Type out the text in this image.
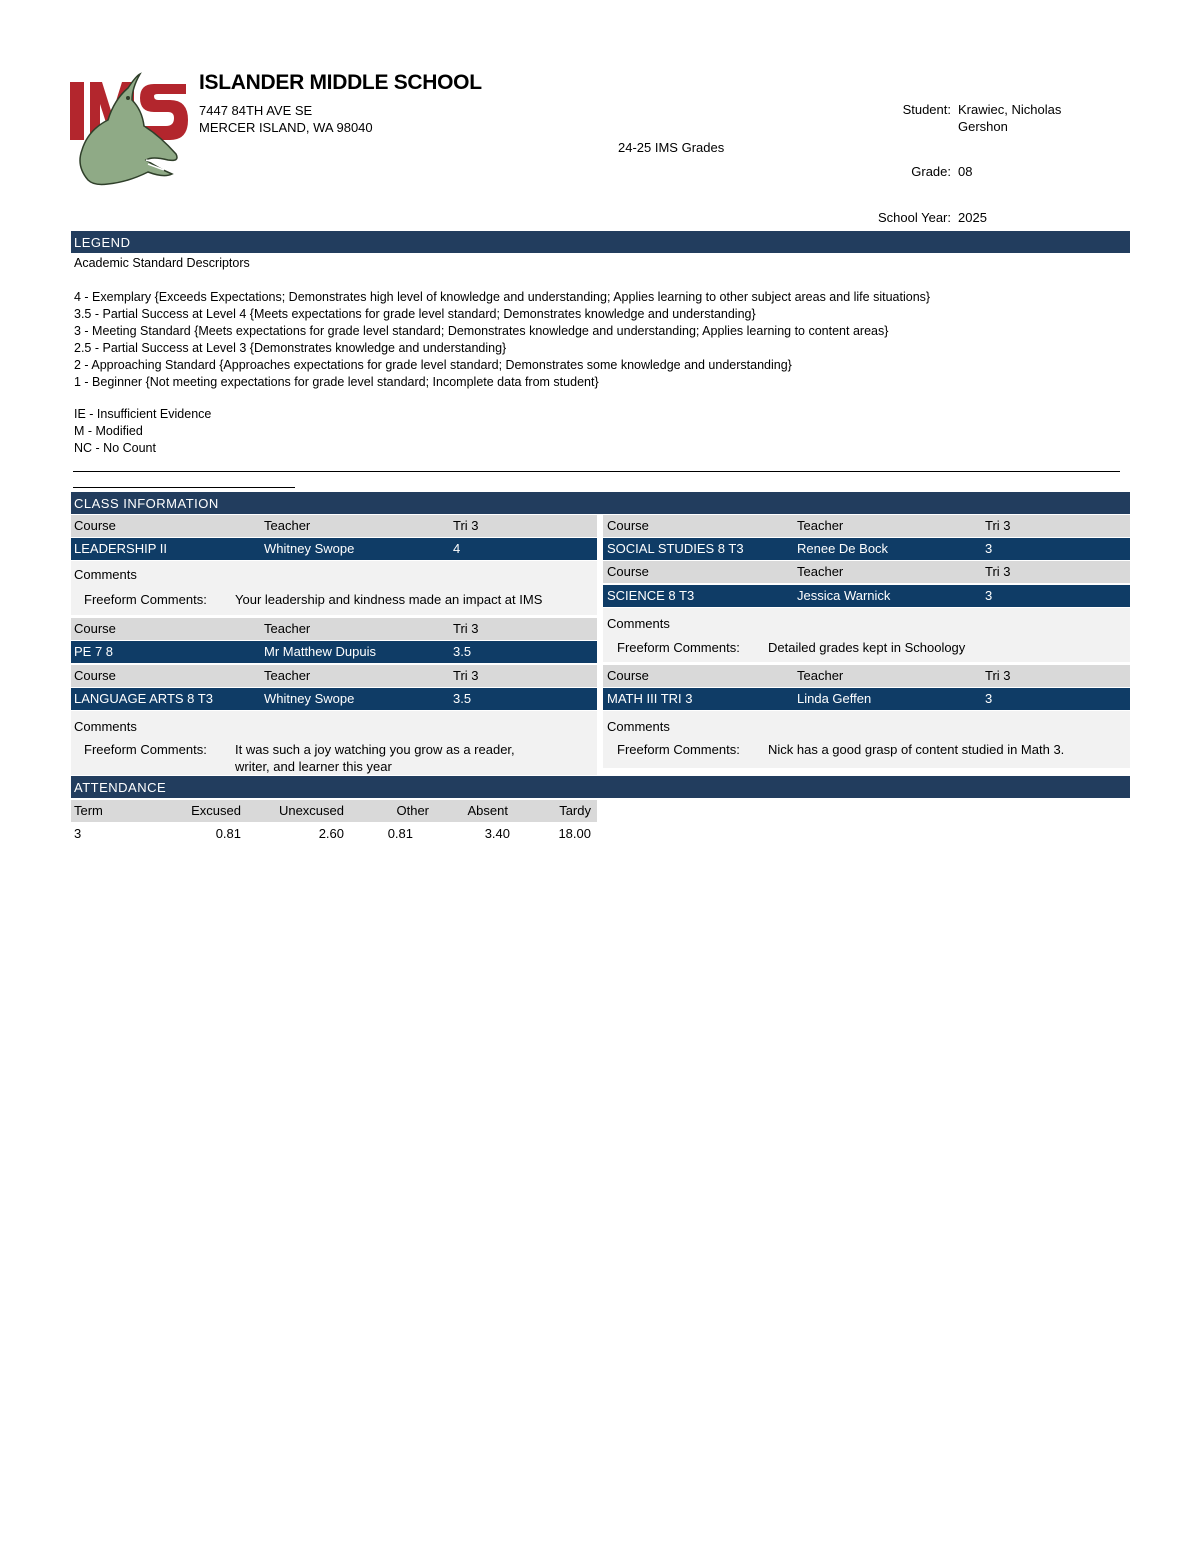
ISLANDER MIDDLE SCHOOL
7447 84TH AVE SE
MERCER ISLAND, WA 98040
24-25 IMS Grades
Student: Krawiec, Nicholas
Gershon
Grade: 08
School Year: 2025
LEGEND
Academic Standard Descriptors
4 - Exemplary {Exceeds Expectations; Demonstrates high level of knowledge and understanding; Applies learning to other subject areas and life situations}
3.5 - Partial Success at Level 4 {Meets expectations for grade level standard; Demonstrates knowledge and understanding}
3 - Meeting Standard {Meets expectations for grade level standard; Demonstrates knowledge and understanding; Applies learning to content areas}
2.5 - Partial Success at Level 3 {Demonstrates knowledge and understanding}
2 - Approaching Standard {Approaches expectations for grade level standard; Demonstrates some knowledge and understanding}
1 - Beginner {Not meeting expectations for grade level standard; Incomplete data from student}
IE - Insufficient Evidence
M - Modified
NC - No Count
CLASS INFORMATION
Course	Teacher	Tri 3
LEADERSHIP II	Whitney Swope	4
Comments
Freeform Comments: Your leadership and kindness made an impact at IMS
Course	Teacher	Tri 3
PE 7 8	Mr Matthew Dupuis	3.5
Course	Teacher	Tri 3
LANGUAGE ARTS 8 T3	Whitney Swope	3.5
Comments
Freeform Comments: It was such a joy watching you grow as a reader,
writer, and learner this year
Course	Teacher	Tri 3
SOCIAL STUDIES 8 T3	Renee De Bock	3
Course	Teacher	Tri 3
SCIENCE 8 T3	Jessica Warnick	3
Comments
Freeform Comments: Detailed grades kept in Schoology
Course	Teacher	Tri 3
MATH III TRI 3	Linda Geffen	3
Comments
Freeform Comments: Nick has a good grasp of content studied in Math 3.
ATTENDANCE
Term	Excused	Unexcused	Other	Absent	Tardy
3	0.81	2.60	0.81	3.40	18.00
